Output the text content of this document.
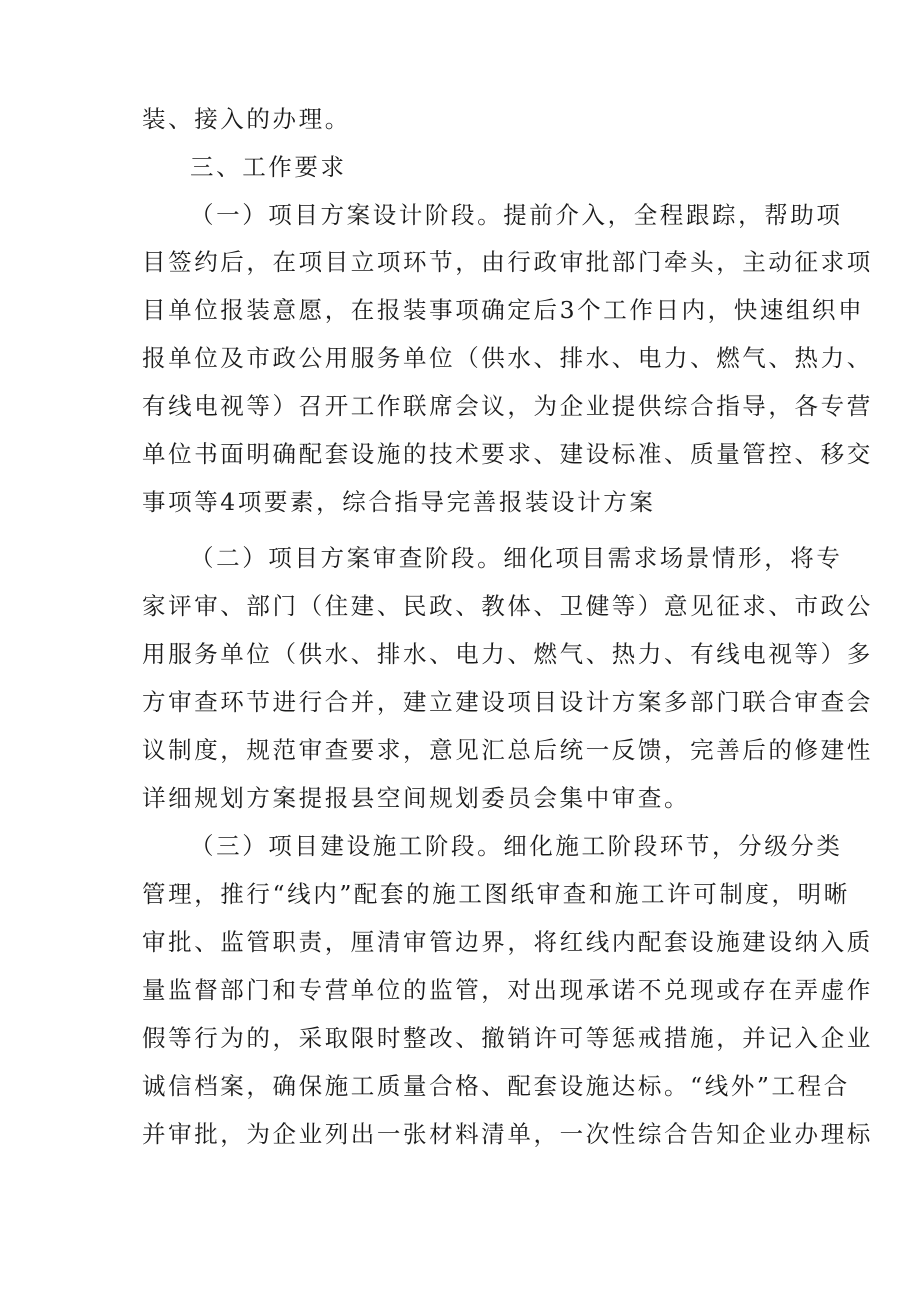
装、接入的办理。
三、工作要求
（一）项目方案设计阶段。提前介入，全程跟踪，帮助项
目签约后，在项目立项环节，由行政审批部门牵头，主动征求项
目单位报装意愿，在报装事项确定后3个工作日内，快速组织申
报单位及市政公用服务单位（供水、排水、电力、燃气、热力、
有线电视等）召开工作联席会议，为企业提供综合指导，各专营
单位书面明确配套设施的技术要求、建设标准、质量管控、移交
事项等4项要素，综合指导完善报装设计方案
（二）项目方案审查阶段。细化项目需求场景情形，将专
家评审、部门（住建、民政、教体、卫健等）意见征求、市政公
用服务单位（供水、排水、电力、燃气、热力、有线电视等）多
方审查环节进行合并，建立建设项目设计方案多部门联合审查会
议制度，规范审查要求，意见汇总后统一反馈，完善后的修建性
详细规划方案提报县空间规划委员会集中审查。
（三）项目建设施工阶段。细化施工阶段环节，分级分类
管理，推行“线内”配套的施工图纸审查和施工许可制度，明晰
审批、监管职责，厘清审管边界，将红线内配套设施建设纳入质
量监督部门和专营单位的监管，对出现承诺不兑现或存在弄虚作
假等行为的，采取限时整改、撤销许可等惩戒措施，并记入企业
诚信档案，确保施工质量合格、配套设施达标。“线外”工程合
并审批，为企业列出一张材料清单，一次性综合告知企业办理标
